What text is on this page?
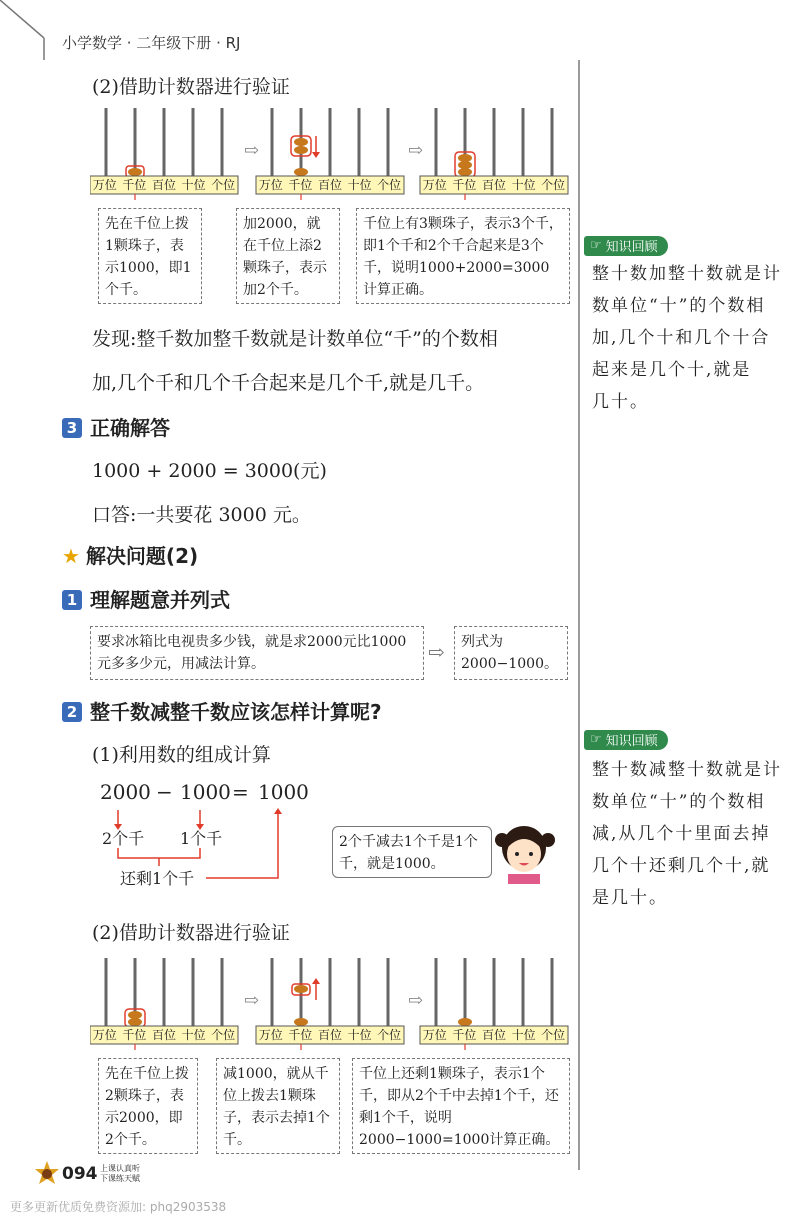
小学数学 · 二年级下册 · RJ
(2)借助计数器进行验证
⇨	⇨
万位 千位 百位 十位 个位 万位 千位 百位 十位 个位 万位 千位 百位 十位 个位
先在千位上拨1颗珠子，表示1000，即1个千。
加2000，就在千位上添2颗珠子，表示加2个千。
千位上有3颗珠子，表示3个千，即1个千和2个千合起来是3个千，说明1000+2000=3000计算正确。
发现:整千数加整千数就是计数单位“千”的个数相
加,几个千和几个千合起来是几个千,就是几千。
3 正确解答
1000 + 2000 = 3000(元)
口答:一共要花 3000 元。
★ 解决问题(2)
1 理解题意并列式
要求冰箱比电视贵多少钱，就是求2000元比1000元多多少元，用减法计算。	⇨	列式为2000−1000。
2 整千数减整千数应该怎样计算呢?
(1)利用数的组成计算
2000 − 1000 = 1000
2个千 1个千
还剩1个千
2个千减去1个千是1个千，就是1000。
(2)借助计数器进行验证
⇨	⇨
万位 千位 百位 十位 个位 万位 千位 百位 十位 个位 万位 千位 百位 十位 个位
先在千位上拨2颗珠子，表示2000，即2个千。
减1000，就从千位上拨去1颗珠子，表示去掉1个千。
千位上还剩1颗珠子，表示1个千，即从2个千中去掉1个千，还剩1个千，说明2000−1000=1000计算正确。
☞ 知识回顾
整十数加整十数就是计
数单位“十”的个数相
加,几个十和几个十合
起来是几个十,就是
几十。
☞ 知识回顾
整十数减整十数就是计
数单位“十”的个数相
减,从几个十里面去掉
几个十还剩几个十,就
是几十。
094 上课认真听
下课练天赋
更多更新优质免费资源加: phq2903538
